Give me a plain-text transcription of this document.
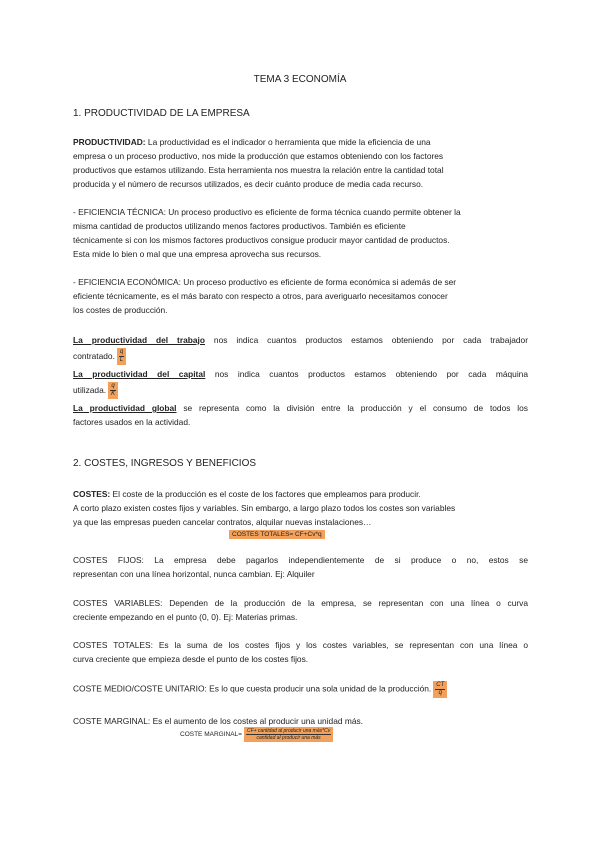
TEMA 3 ECONOMÍA
1. PRODUCTIVIDAD DE LA EMPRESA

PRODUCTIVIDAD: La productividad es el indicador o herramienta que mide la eficiencia de una
empresa o un proceso productivo, nos mide la producción que estamos obteniendo con los factores
productivos que estamos utilizando. Esta herramienta nos muestra la relación entre la cantidad total
producida y el número de recursos utilizados, es decir cuánto produce de media cada recurso.

- EFICIENCIA TÉCNICA: Un proceso productivo es eficiente de forma técnica cuando permite obtener la
misma cantidad de productos utilizando menos factores productivos. También es eficiente
técnicamente si con los mismos factores productivos consigue producir mayor cantidad de productos.
Esta mide lo bien o mal que una empresa aprovecha sus recursos.

- EFICIENCIA ECONÓMICA: Un proceso productivo es eficiente de forma económica si además de ser
eficiente técnicamente, es el más barato con respecto a otros, para averiguarlo necesitamos conocer
los costes de producción.

La productividad del trabajo nos indica cuantos productos estamos obteniendo por cada trabajador
contratado. $\frac{q}{L}$

La productividad del capital nos indica cuantos productos estamos obteniendo por cada máquina
utilizada. $\frac{q}{K}$

La productividad global se representa como la división entre la producción y el consumo de todos los
factores usados en la actividad.

2. COSTES, INGRESOS Y BENEFICIOS

COSTES: El coste de la producción es el coste de los factores que empleamos para producir.
A corto plazo existen costes fijos y variables. Sin embargo, a largo plazo todos los costes son variables
ya que las empresas pueden cancelar contratos, alquilar nuevas instalaciones…

COSTES TOTALES= CF+Cv*q

COSTES FIJOS: La empresa debe pagarlos independientemente de si produce o no, estos se
representan con una línea horizontal, nunca cambian. Ej: Alquiler

COSTES VARIABLES: Dependen de la producción de la empresa, se representan con una línea o curva
creciente empezando en el punto (0, 0). Ej: Materias primas.

COSTES TOTALES: Es la suma de los costes fijos y los costes variables, se representan con una línea o
curva creciente que empieza desde el punto de los costes fijos.

COSTE MEDIO/COSTE UNITARIO: Es lo que cuesta producir una sola unidad de la producción. $\frac{CT}{q}$

COSTE MARGINAL: Es el aumento de los costes al producir una unidad más.

COSTE MARGINAL= $\frac{\text{CF+ cantidad al producir una más*Cv}}{\text{cantidad al producir una más}}$
